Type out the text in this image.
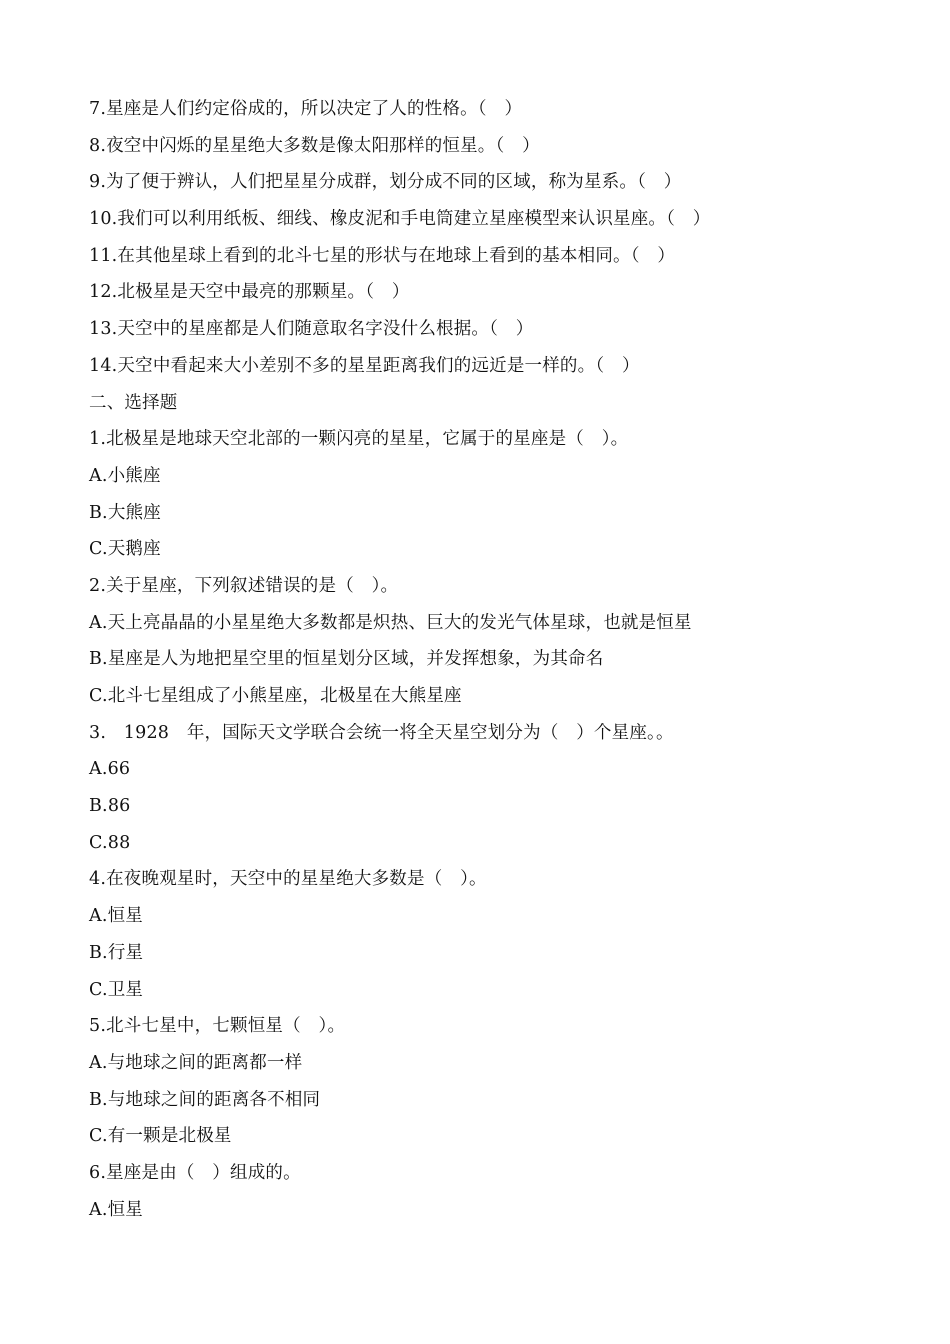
7.星座是人们约定俗成的，所以决定了人的性格。（　）
8.夜空中闪烁的星星绝大多数是像太阳那样的恒星。（　）
9.为了便于辨认，人们把星星分成群，划分成不同的区域，称为星系。（　）
10.我们可以利用纸板、细线、橡皮泥和手电筒建立星座模型来认识星座。（　）
11.在其他星球上看到的北斗七星的形状与在地球上看到的基本相同。（　）
12.北极星是天空中最亮的那颗星。（　）
13.天空中的星座都是人们随意取名字没什么根据。（　）
14.天空中看起来大小差别不多的星星距离我们的远近是一样的。（　）
二、选择题
1.北极星是地球天空北部的一颗闪亮的星星，它属于的星座是（　）。
A.小熊座
B.大熊座
C.天鹅座
2.关于星座，下列叙述错误的是（　）。
A.天上亮晶晶的小星星绝大多数都是炽热、巨大的发光气体星球，也就是恒星
B.星座是人为地把星空里的恒星划分区域，并发挥想象，为其命名
C.北斗七星组成了小熊星座，北极星在大熊星座
3.　1928　年，国际天文学联合会统一将全天星空划分为（　）个星座。。
A.66
B.86
C.88
4.在夜晚观星时，天空中的星星绝大多数是（　）。
A.恒星
B.行星
C.卫星
5.北斗七星中，七颗恒星（　）。
A.与地球之间的距离都一样
B.与地球之间的距离各不相同
C.有一颗是北极星
6.星座是由（　）组成的。
A.恒星
